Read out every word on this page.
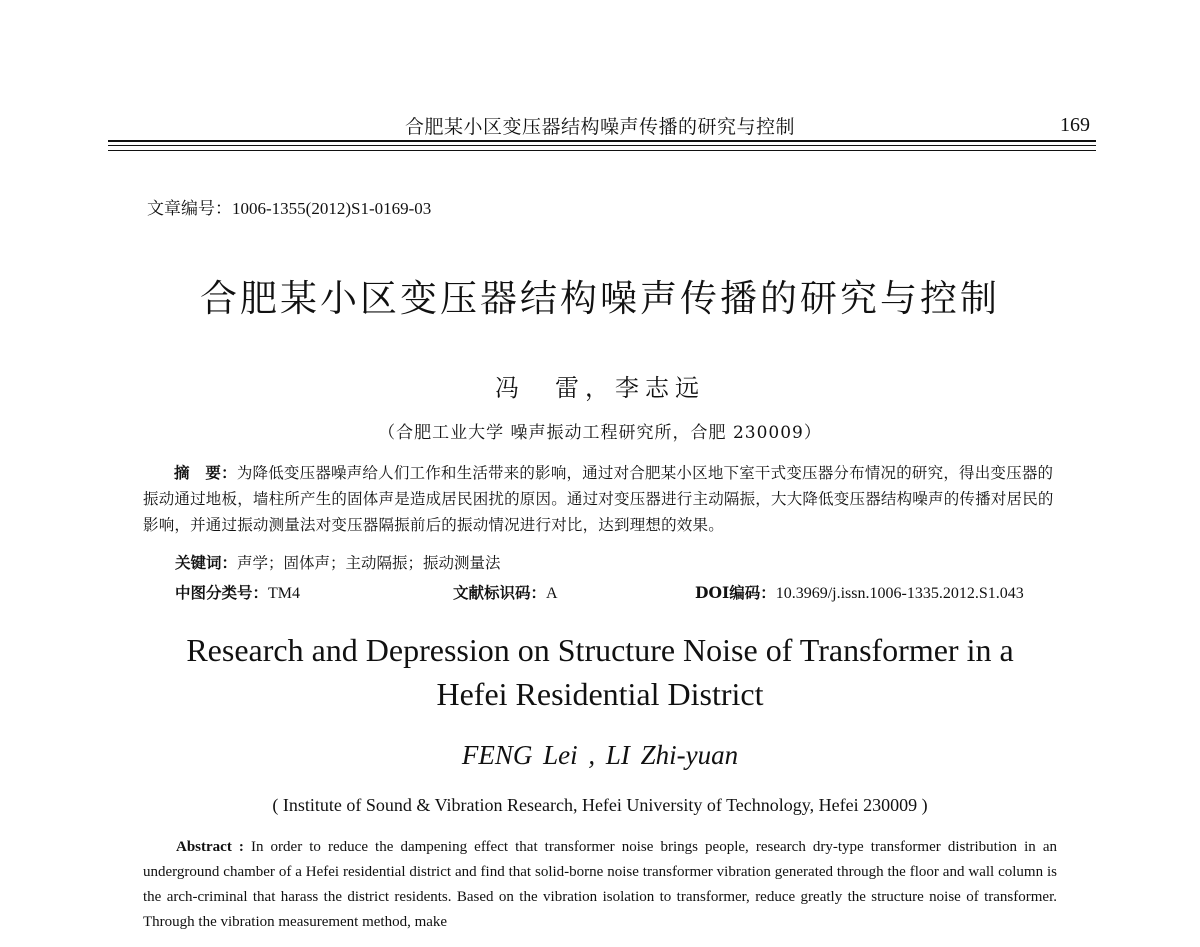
合肥某小区变压器结构噪声传播的研究与控制	169
文章编号：1006-1355(2012)S1-0169-03
合肥某小区变压器结构噪声传播的研究与控制
冯　雷，李志远
（合肥工业大学 噪声振动工程研究所，合肥 230009）
摘　要：为降低变压器噪声给人们工作和生活带来的影响，通过对合肥某小区地下室干式变压器分布情况的研究，得出变压器的振动通过地板，墙柱所产生的固体声是造成居民困扰的原因。通过对变压器进行主动隔振，大大降低变压器结构噪声的传播对居民的影响，并通过振动测量法对变压器隔振前后的振动情况进行对比，达到理想的效果。
关键词：声学；固体声；主动隔振；振动测量法
中图分类号：TM4	文献标识码：A	DOI编码：10.3969/j.issn.1006-1335.2012.S1.043
Research and Depression on Structure Noise of Transformer in a
Hefei Residential District
FENG Lei , LI Zhi-yuan
( Institute of Sound & Vibration Research, Hefei University of Technology, Hefei 230009 )
Abstract : In order to reduce the dampening effect that transformer noise brings people, research dry-type transformer distribution in an underground chamber of a Hefei residential district and find that solid-borne noise transformer vibration generated through the floor and wall column is the arch-criminal that harass the district residents. Based on the vibration isolation to transformer, reduce greatly the structure noise of transformer. Through the vibration measurement method, make
